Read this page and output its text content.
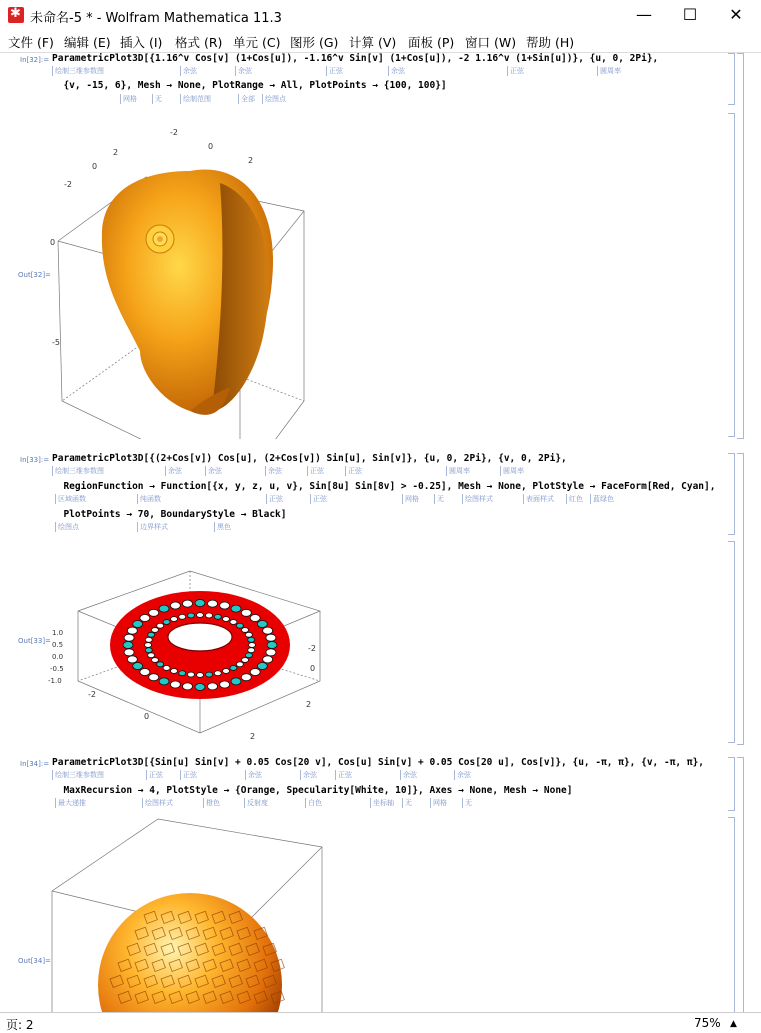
✱
未命名-5 * - Wolfram Mathematica 11.3	—	☐	✕
文件 (F) 编辑 (E) 插入 (I) 格式 (R) 单元 (C) 图形 (G) 计算 (V) 面板 (P) 窗口 (W) 帮助 (H)
In[32]:= ParametricPlot3D[{1.16^v Cos[v] (1+Cos[u]), -1.16^v Sin[v] (1+Cos[u]), -2 1.16^v (1+Sin[u])}, {u, 0, 2Pi},
绘制三维参数图	余弦	余弦	正弦	余弦	正弦	圆周率
{v, -15, 6}, Mesh → None, PlotRange → All, PlotPoints → {100, 100}]
网格	无	绘制范围	全部	绘图点
Out[32]=
2
-2
0
0
-2
2
0
-5
In[33]:= ParametricPlot3D[{(2+Cos[v]) Cos[u], (2+Cos[v]) Sin[u], Sin[v]}, {u, 0, 2Pi}, {v, 0, 2Pi},
绘制三维参数图	余弦	余弦	余弦	正弦	正弦	圆周率	圆周率
RegionFunction → Function[{x, y, z, u, v}, Sin[8u] Sin[8v] > -0.25], Mesh → None, PlotStyle → FaceForm[Red, Cyan],
区域函数	纯函数	正弦	正弦	网格	无	绘图样式	表面样式	红色	蓝绿色
PlotPoints → 70, BoundaryStyle → Black]
绘图点	边界样式	黑色
Out[33]=
1.0
0.5
0.0
-0.5
-1.0
-2
0
2
2
0
-2
In[34]:= ParametricPlot3D[{Sin[u] Sin[v] + 0.05 Cos[20 v], Cos[u] Sin[v] + 0.05 Cos[20 u], Cos[v]}, {u, -π, π}, {v, -π, π},
绘制三维参数图	正弦	正弦	余弦	余弦	正弦	余弦	余弦
MaxRecursion → 4, PlotStyle → {Orange, Specularity[White, 10]}, Axes → None, Mesh → None]
最大递推	绘图样式	橙色	反射度	白色	坐标轴	无	网格	无
Out[34]=
页: 2	75% ▲
